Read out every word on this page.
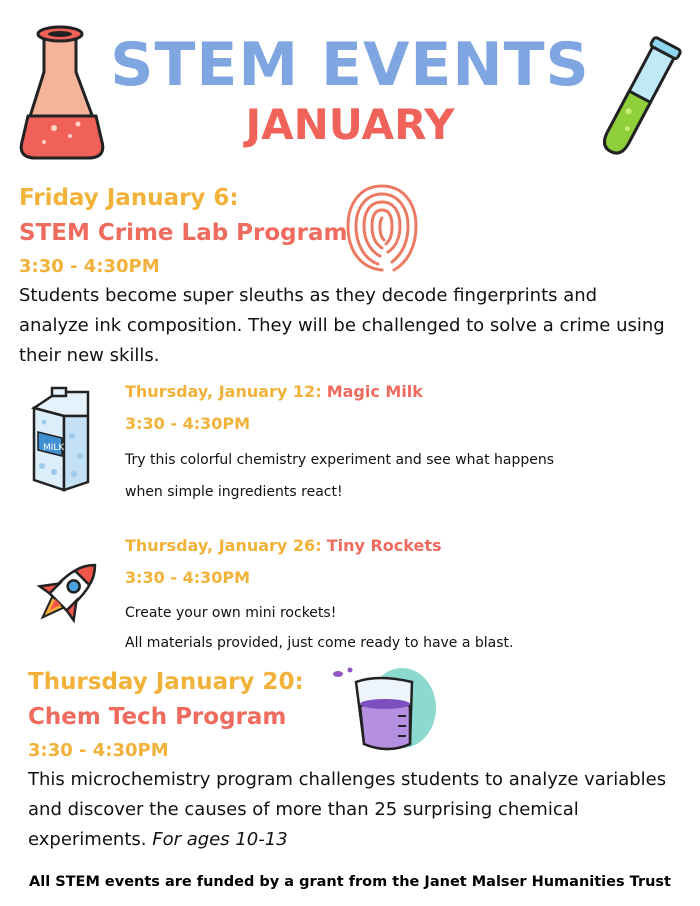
STEM EVENTS
JANUARY
Friday January 6:
STEM Crime Lab Program
3:30 - 4:30PM
Students become super sleuths as they decode fingerprints and
analyze ink composition. They will be challenged to solve a crime using
their new skills.
MILK
Thursday, January 12: Magic Milk
3:30 - 4:30PM
Try this colorful chemistry experiment and see what happens
when simple ingredients react!
Thursday, January 26: Tiny Rockets
3:30 - 4:30PM
Create your own mini rockets!
All materials provided, just come ready to have a blast.
Thursday January 20:
Chem Tech Program
3:30 - 4:30PM
This microchemistry program challenges students to analyze variables
and discover the causes of more than 25 surprising chemical
experiments. For ages 10-13
All STEM events are funded by a grant from the Janet Malser Humanities Trust
